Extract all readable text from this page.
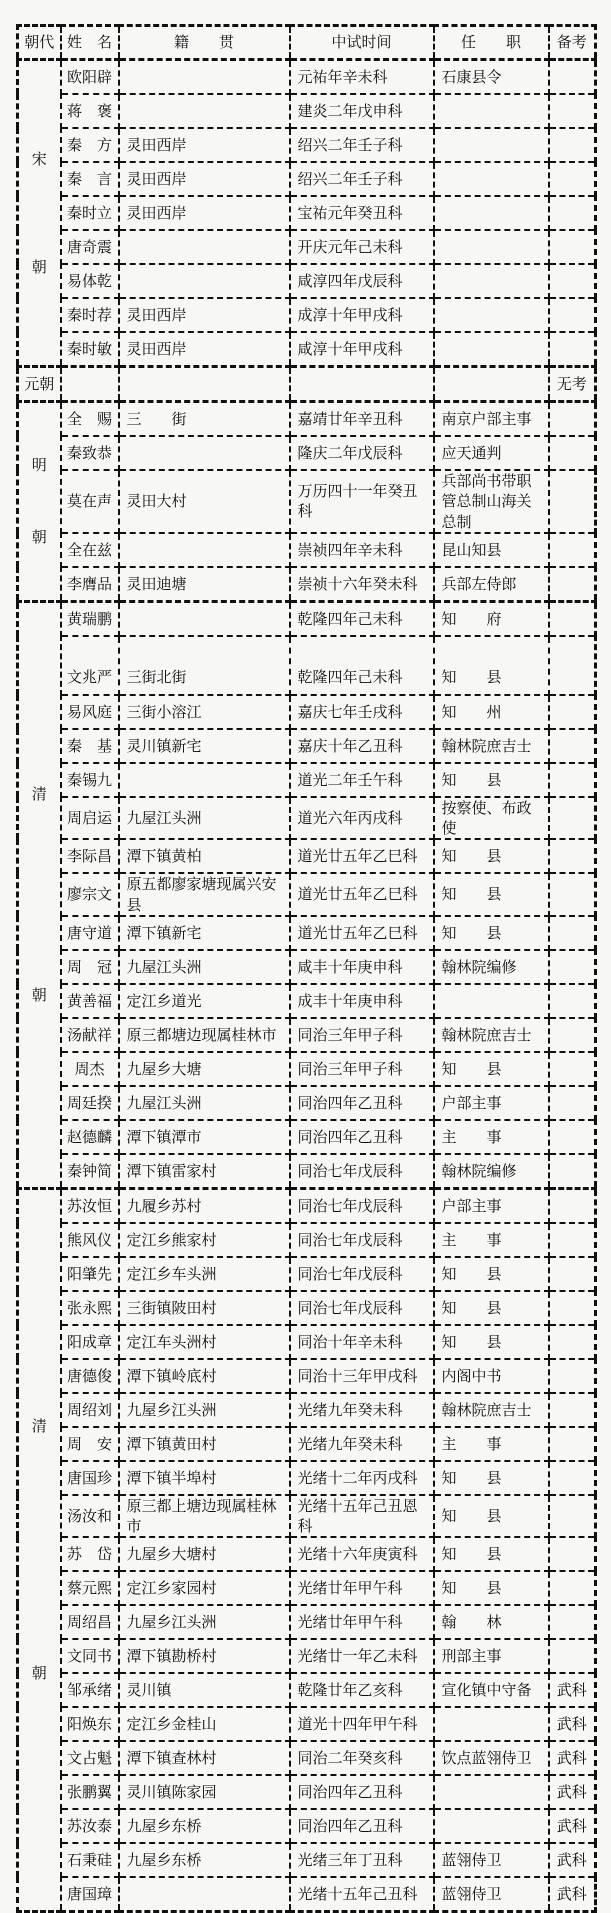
朝代	姓　名	籍　　贯	中试时间	任　　职	备考

宋
朝	欧阳辟		元祐年辛未科	石康县令	
	蒋　褒		建炎二年戊申科		
	秦　方	灵田西岸	绍兴二年壬子科		
	秦　言	灵田西岸	绍兴二年壬子科		
	秦时立	灵田西岸	宝祐元年癸丑科		
	唐奇震		开庆元年己未科		
	易体乾		咸淳四年戊辰科		
	秦时荐	灵田西岸	成淳十年甲戌科		
	秦时敏	灵田西岸	咸淳十年甲戌科		

元朝					无考

明
朝	全　赐	三　　街	嘉靖廿年辛丑科	南京户部主事	
	秦致恭		隆庆二年戊辰科	应天通判	
	莫在声	灵田大村	万历四十一年癸丑科	兵部尚书带职管总制山海关总制	
	全在兹		崇祯四年辛未科	昆山知县	
	李膺品	灵田迪塘	崇祯十六年癸未科	兵部左侍郎	

清
朝	黄瑞鹏		乾隆四年己未科	知　　府	
	文兆严	三街北街	乾隆四年己未科	知　　县	
	易风庭	三街小溶江	嘉庆七年壬戌科	知　　州	
	秦　基	灵川镇新宅	嘉庆十年乙丑科	翰林院庶吉士	
	秦锡九		道光二年壬午科	知　　县	
	周启运	九屋江头洲	道光六年丙戌科	按察使、布政使	
	李际昌	潭下镇黄柏	道光廿五年乙巳科	知　　县	
	廖宗文	原五都廖家塘现属兴安县	道光廿五年乙巳科	知　　县	
	唐守道	潭下镇新宅	道光廿五年乙巳科	知　　县	
	周　冠	九屋江头洲	咸丰十年庚申科	翰林院编修	
	黄善福	定江乡道光	成丰十年庚申科		
	汤献祥	原三都塘边现属桂林市	同治三年甲子科	翰林院庶吉士	
	周杰	九屋乡大塘	同治三年甲子科	知　　县	
	周廷揆	九屋江头洲	同治四年乙丑科	户部主事	
	赵德麟	潭下镇潭市	同治四年乙丑科	主　　事	
	秦钟简	潭下镇雷家村	同治七年戊辰科	翰林院编修	

清
朝	苏汝恒	九履乡苏村	同治七年戊辰科	户部主事	
	熊风仪	定江乡熊家村	同治七年戊辰科	主　　事	
	阳肇先	定江乡车头洲	同治七年戊辰科	知　　县	
	张永熙	三街镇陂田村	同治七年戊辰科	知　　县	
	阳成章	定江车头洲村	同治十年辛未科	知　　县	
	唐德俊	潭下镇岭底村	同治十三年甲戌科	内阁中书	
	周绍刘	九屋乡江头洲	光绪九年癸未科	翰林院庶吉士	
	周　安	潭下镇黄田村	光绪九年癸未科	主　　事	
	唐国珍	潭下镇半埠村	光绪十二年丙戌科	知　　县	
	汤汝和	原三都上塘边现属桂林市	光绪十五年己丑恩科	知　　县	
	苏　岱	九屋乡大塘村	光绪十六年庚寅科	知　　县	
	蔡元熙	定江乡家园村	光绪廿年甲午科	知　　县	
	周绍昌	九屋乡江头洲	光绪廿年甲午科	翰　　林	
	文同书	潭下镇勘桥村	光绪廿一年乙未科	刑部主事	
	邹承绪	灵川镇	乾隆廿年乙亥科	宣化镇中守备	武科
	阳焕东	定江乡金桂山	道光十四年甲午科		武科
	文占魁	潭下镇查林村	同治二年癸亥科	饮点蓝翎侍卫	武科
	张鹏翼	灵川镇陈家园	同治四年乙丑科		武科
	苏汝泰	九屋乡东桥	同治四年乙丑科		武科
	石秉硅	九屋乡东桥	光绪三年丁丑科	蓝翎侍卫	武科
	唐国璋		光绪十五年己丑科	蓝翎侍卫	武科
